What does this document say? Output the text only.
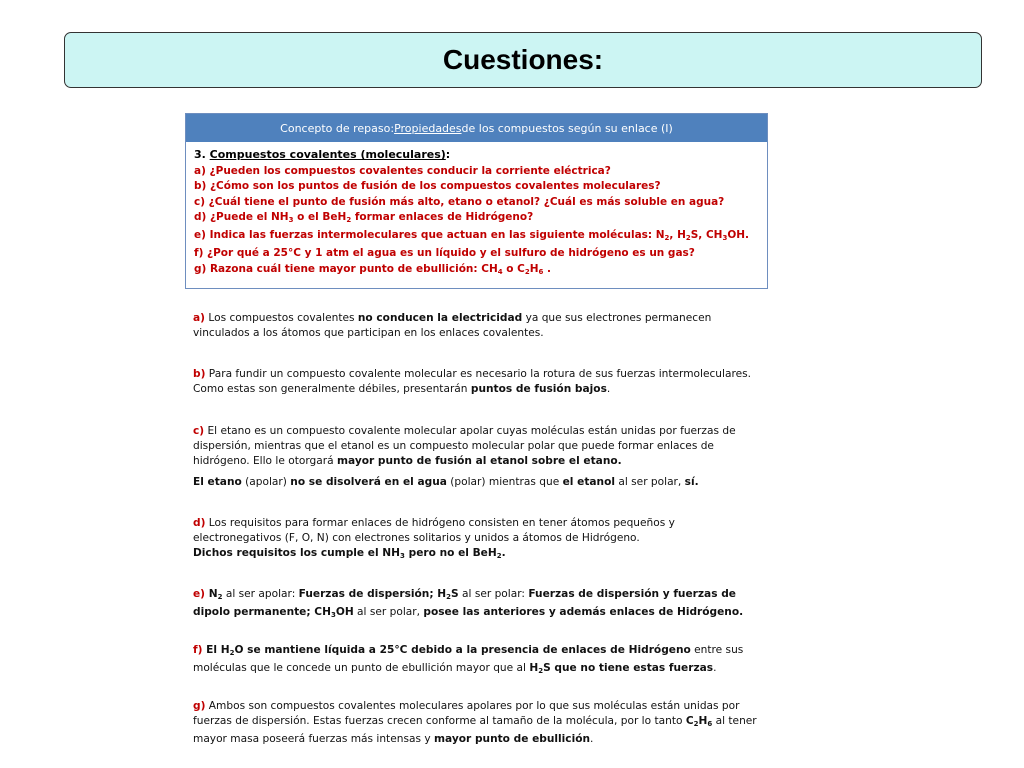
Cuestiones:
Concepto de repaso: Propiedades de los compuestos según su enlace (I)
3. Compuestos covalentes (moleculares):
a) ¿Pueden los compuestos covalentes conducir la corriente eléctrica?
b) ¿Cómo son los puntos de fusión de los compuestos covalentes moleculares?
c) ¿Cuál tiene el punto de fusión más alto, etano o etanol? ¿Cuál es más soluble en agua?
d) ¿Puede el $NH_3$ o el BeH$_2$ formar enlaces de Hidrógeno?
e) Indica las fuerzas intermoleculares que actuan en las siguiente moléculas: $N_2$, $H_2S$, $CH_3OH$.
f) ¿Por qué a 25°C y 1 atm el agua es un líquido y el sulfuro de hidrógeno es un gas?
g) Razona cuál tiene mayor punto de ebullición: $CH_4$ o $C_2H_6$ .
a) Los compuestos covalentes no conducen la electricidad ya que sus electrones permanecen vinculados a los átomos que participan en los enlaces covalentes.
b) Para fundir un compuesto covalente molecular es necesario la rotura de sus fuerzas intermoleculares. Como estas son generalmente débiles, presentarán puntos de fusión bajos.
c) El etano es un compuesto covalente molecular apolar cuyas moléculas están unidas por fuerzas de dispersión, mientras que el etanol es un compuesto molecular polar que puede formar enlaces de hidrógeno. Ello le otorgará mayor punto de fusión al etanol sobre el etano.
El etano (apolar) no se disolverá en el agua (polar) mientras que el etanol al ser polar, sí.
d) Los requisitos para formar enlaces de hidrógeno consisten en tener átomos pequeños y electronegativos (F, O, N) con electrones solitarios y unidos a átomos de Hidrógeno.
Dichos requisitos los cumple el $NH_3$ pero no el BeH$_2$.
e) $N_2$ al ser apolar: Fuerzas de dispersión; $H_2S$ al ser polar: Fuerzas de dispersión y fuerzas de dipolo permanente; $CH_3OH$ al ser polar, posee las anteriores y además enlaces de Hidrógeno.
f) El $H_2O$ se mantiene líquida a 25°C debido a la presencia de enlaces de Hidrógeno entre sus moléculas que le concede un punto de ebullición mayor que al $H_2S$ que no tiene estas fuerzas.
g) Ambos son compuestos covalentes moleculares apolares por lo que sus moléculas están unidas por fuerzas de dispersión. Estas fuerzas crecen conforme al tamaño de la molécula, por lo tanto $C_2H_6$ al tener mayor masa poseerá fuerzas más intensas y mayor punto de ebullición.
